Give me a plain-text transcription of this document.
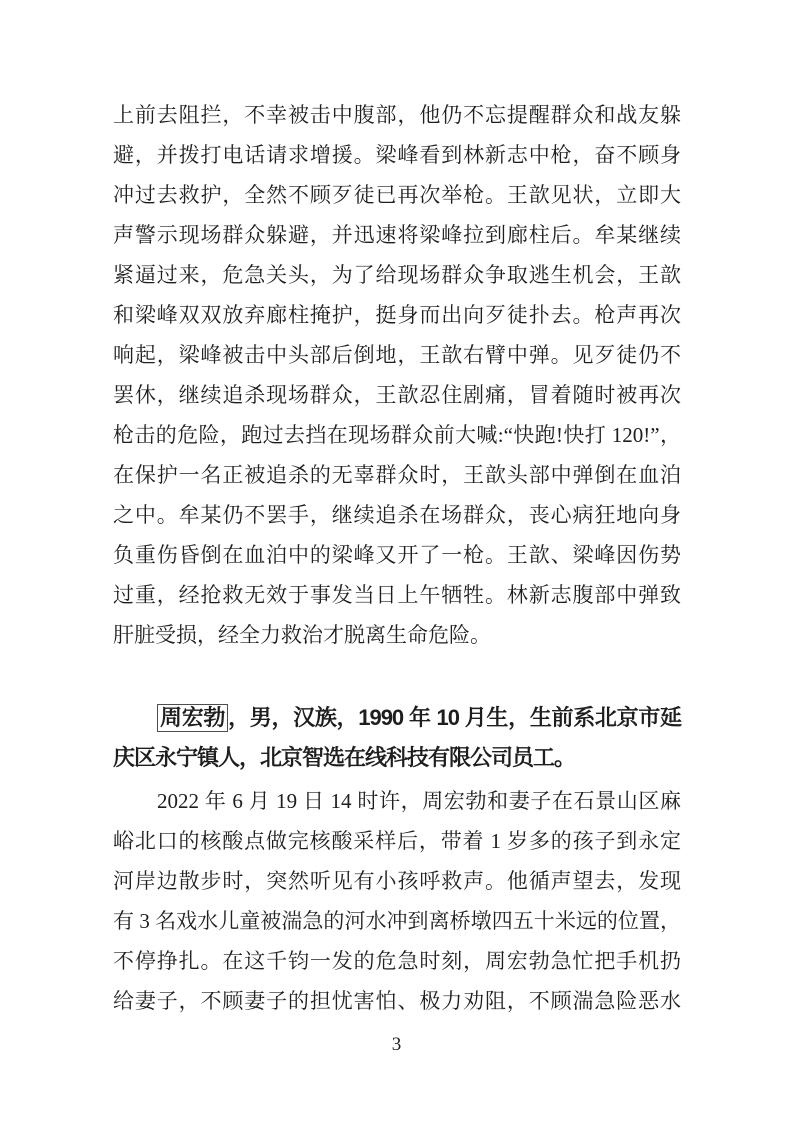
上前去阻拦，不幸被击中腹部，他仍不忘提醒群众和战友躲
避，并拨打电话请求增援。梁峰看到林新志中枪，奋不顾身
冲过去救护，全然不顾歹徒已再次举枪。王歆见状，立即大
声警示现场群众躲避，并迅速将梁峰拉到廊柱后。牟某继续
紧逼过来，危急关头，为了给现场群众争取逃生机会，王歆
和梁峰双双放弃廊柱掩护，挺身而出向歹徒扑去。枪声再次
响起，梁峰被击中头部后倒地，王歆右臂中弹。见歹徒仍不
罢休，继续追杀现场群众，王歆忍住剧痛，冒着随时被再次
枪击的危险，跑过去挡在现场群众前大喊:“快跑!快打 120!”，
在保护一名正被追杀的无辜群众时，王歆头部中弹倒在血泊
之中。牟某仍不罢手，继续追杀在场群众，丧心病狂地向身
负重伤昏倒在血泊中的梁峰又开了一枪。王歆、梁峰因伤势
过重，经抢救无效于事发当日上午牺牲。林新志腹部中弹致
肝脏受损，经全力救治才脱离生命危险。
周宏勃 ，男，汉族，1990 年 10 月生，生前系北京市延
庆区永宁镇人，北京智选在线科技有限公司员工。
2022 年 6 月 19 日 14 时许，周宏勃和妻子在石景山区麻
峪北口的核酸点做完核酸采样后，带着 1 岁多的孩子到永定
河岸边散步时，突然听见有小孩呼救声。他循声望去，发现
有 3 名戏水儿童被湍急的河水冲到离桥墩四五十米远的位置，
不停挣扎。在这千钧一发的危急时刻，周宏勃急忙把手机扔
给妻子，不顾妻子的担忧害怕、极力劝阻，不顾湍急险恶水
3
